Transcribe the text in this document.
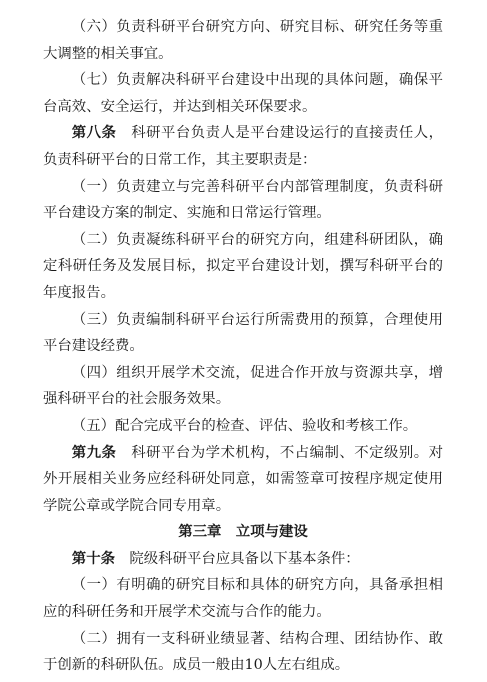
（六）负责科研平台研究方向、研究目标、研究任务等重大调整的相关事宜。

（七）负责解决科研平台建设中出现的具体问题，确保平台高效、安全运行，并达到相关环保要求。

第八条　 科研平台负责人是平台建设运行的直接责任人，负责科研平台的日常工作，其主要职责是：

（一）负责建立与完善科研平台内部管理制度，负责科研平台建设方案的制定、实施和日常运行管理。

（二）负责凝练科研平台的研究方向，组建科研团队，确定科研任务及发展目标，拟定平台建设计划，撰写科研平台的年度报告。

（三）负责编制科研平台运行所需费用的预算，合理使用平台建设经费。

（四）组织开展学术交流，促进合作开放与资源共享，增强科研平台的社会服务效果。

（五）配合完成平台的检查、评估、验收和考核工作。

第九条　 科研平台为学术机构，不占编制、不定级别。对外开展相关业务应经科研处同意，如需签章可按程序规定使用学院公章或学院合同专用章。

第三章　立项与建设

第十条　 院级科研平台应具备以下基本条件：

（一）有明确的研究目标和具体的研究方向，具备承担相应的科研任务和开展学术交流与合作的能力。

（二）拥有一支科研业绩显著、结构合理、团结协作、敢于创新的科研队伍。成员一般由10人左右组成。
